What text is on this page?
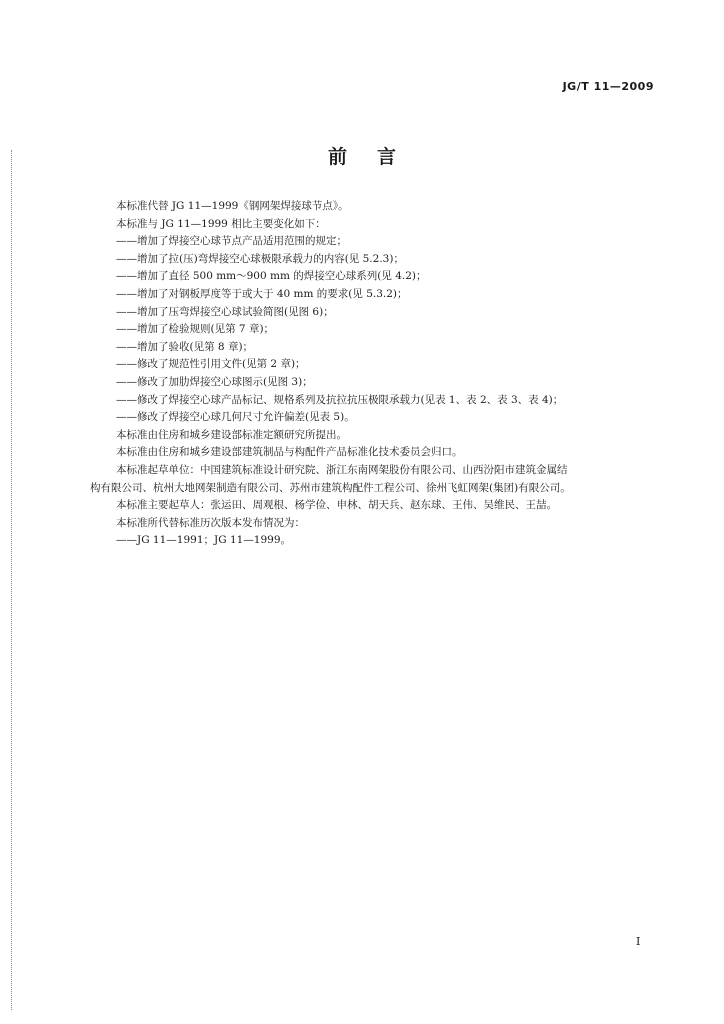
JG/T 11—2009
前言
本标准代替 JG 11—1999《钢网架焊接球节点》。
本标准与 JG 11—1999 相比主要变化如下：
——增加了焊接空心球节点产品适用范围的规定；
——增加了拉(压)弯焊接空心球极限承载力的内容(见 5.2.3)；
——增加了直径 500 mm～900 mm 的焊接空心球系列(见 4.2)；
——增加了对钢板厚度等于或大于 40 mm 的要求(见 5.3.2)；
——增加了压弯焊接空心球试验简图(见图 6)；
——增加了检验规则(见第 7 章)；
——增加了验收(见第 8 章)；
——修改了规范性引用文件(见第 2 章)；
——修改了加肋焊接空心球图示(见图 3)；
——修改了焊接空心球产品标记、规格系列及抗拉抗压极限承载力(见表 1、表 2、表 3、表 4)；
——修改了焊接空心球几何尺寸允许偏差(见表 5)。
本标准由住房和城乡建设部标准定额研究所提出。
本标准由住房和城乡建设部建筑制品与构配件产品标准化技术委员会归口。
本标准起草单位：中国建筑标准设计研究院、浙江东南网架股份有限公司、山西汾阳市建筑金属结
构有限公司、杭州大地网架制造有限公司、苏州市建筑构配件工程公司、徐州飞虹网架(集团)有限公司。
本标准主要起草人：张运田、周观根、杨学俭、申林、胡天兵、赵东球、王伟、吴维民、王喆。
本标准所代替标准历次版本发布情况为：
——JG 11—1991；JG 11—1999。
I
